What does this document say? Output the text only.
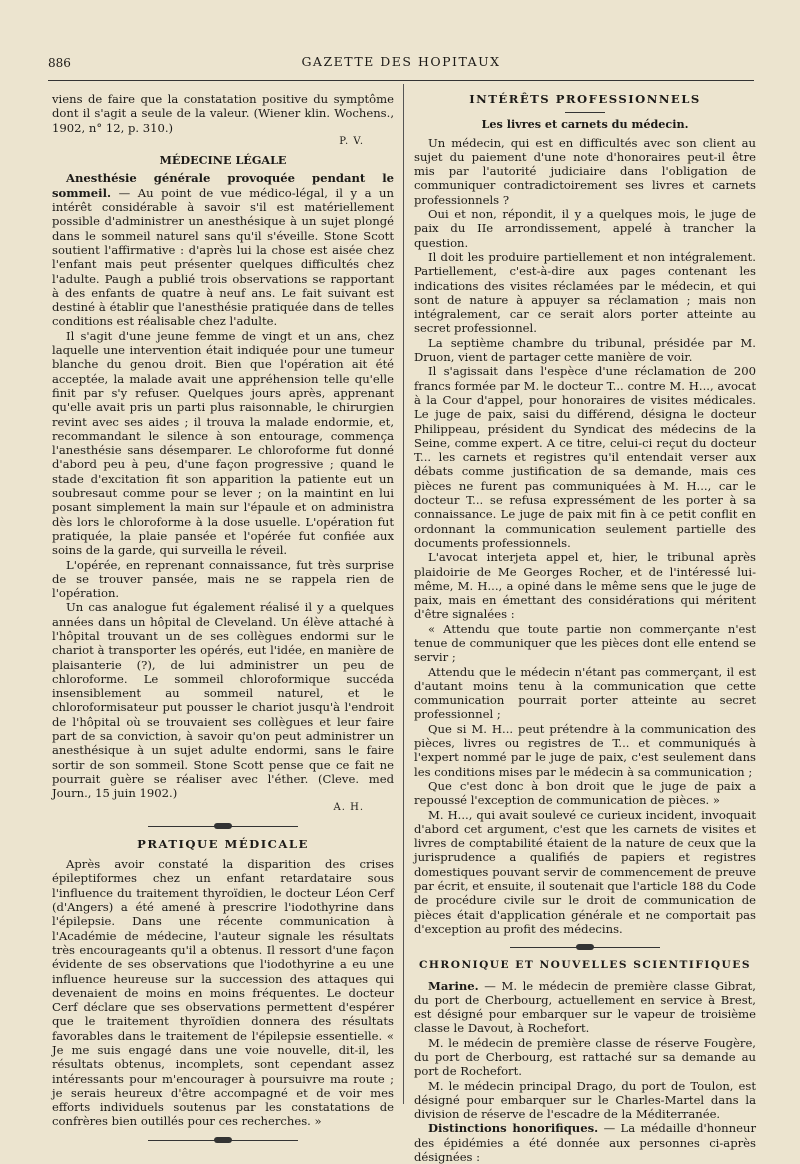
886	GAZETTE DES HOPITAUX

viens de faire que la constatation positive du symptôme dont il s'agit a seule de la valeur. (Wiener klin. Wochens., 1902, n° 12, p. 310.)

P. V.
MÉDECINE LÉGALE

Anesthésie générale provoquée pendant le sommeil. — Au point de vue médico-légal, il y a un intérêt considérable à savoir s'il est matériellement possible d'administrer un anesthésique à un sujet plongé dans le sommeil naturel sans qu'il s'éveille. Stone Scott soutient l'affirmative : d'après lui la chose est aisée chez l'enfant mais peut présenter quelques difficultés chez l'adulte. Paugh a publié trois observations se rapportant à des enfants de quatre à neuf ans. Le fait suivant est destiné à établir que l'anesthésie pratiquée dans de telles conditions est réalisable chez l'adulte.

Il s'agit d'une jeune femme de vingt et un ans, chez laquelle une intervention était indiquée pour une tumeur blanche du genou droit. Bien que l'opération ait été acceptée, la malade avait une appréhension telle qu'elle finit par s'y refuser. Quelques jours après, apprenant qu'elle avait pris un parti plus raisonnable, le chirurgien revint avec ses aides ; il trouva la malade endormie, et, recommandant le silence à son entourage, commença l'anesthésie sans désemparer. Le chloroforme fut donné d'abord peu à peu, d'une façon progressive ; quand le stade d'excitation fit son apparition la patiente eut un soubresaut comme pour se lever ; on la maintint en lui posant simplement la main sur l'épaule et on administra dès lors le chloroforme à la dose usuelle. L'opération fut pratiquée, la plaie pansée et l'opérée fut confiée aux soins de la garde, qui surveilla le réveil.

L'opérée, en reprenant connaissance, fut très surprise de se trouver pansée, mais ne se rappela rien de l'opération.

Un cas analogue fut également réalisé il y a quelques années dans un hôpital de Cleveland. Un élève attaché à l'hôpital trouvant un de ses collègues endormi sur le chariot à transporter les opérés, eut l'idée, en manière de plaisanterie (?), de lui administrer un peu de chloroforme. Le sommeil chloroformique succéda insensiblement au sommeil naturel, et le chloroformisateur put pousser le chariot jusqu'à l'endroit de l'hôpital où se trouvaient ses collègues et leur faire part de sa conviction, à savoir qu'on peut administrer un anesthésique à un sujet adulte endormi, sans le faire sortir de son sommeil. Stone Scott pense que ce fait ne pourrait guère se réaliser avec l'éther. (Cleve. med Journ., 15 juin 1902.)

A. H.
PRATIQUE MÉDICALE

Après avoir constaté la disparition des crises épileptiformes chez un enfant retardataire sous l'influence du traitement thyroïdien, le docteur Léon Cerf (d'Angers) a été amené à prescrire l'iodothyrine dans l'épilepsie. Dans une récente communication à l'Académie de médecine, l'auteur signale les résultats très encourageants qu'il a obtenus. Il ressort d'une façon évidente de ses observations que l'iodothyrine a eu une influence heureuse sur la succession des attaques qui devenaient de moins en moins fréquentes. Le docteur Cerf déclare que ses observations permettent d'espérer que le traitement thyroïdien donnera des résultats favorables dans le traitement de l'épilepsie essentielle. « Je me suis engagé dans une voie nouvelle, dit-il, les résultats obtenus, incomplets, sont cependant assez intéressants pour m'encourager à poursuivre ma route ; je serais heureux d'être accompagné et de voir mes efforts individuels soutenus par les constatations de confrères bien outillés pour ces recherches. »

INTÉRÊTS PROFESSIONNELS
Les livres et carnets du médecin.

Un médecin, qui est en difficultés avec son client au sujet du paiement d'une note d'honoraires peut-il être mis par l'autorité judiciaire dans l'obligation de communiquer contradictoirement ses livres et carnets professionnels ?

Oui et non, répondit, il y a quelques mois, le juge de paix du IIe arrondissement, appelé à trancher la question.

Il doit les produire partiellement et non intégralement. Partiellement, c'est-à-dire aux pages contenant les indications des visites réclamées par le médecin, et qui sont de nature à appuyer sa réclamation ; mais non intégralement, car ce serait alors porter atteinte au secret professionnel.

La septième chambre du tribunal, présidée par M. Druon, vient de partager cette manière de voir.

Il s'agissait dans l'espèce d'une réclamation de 200 francs formée par M. le docteur T... contre M. H..., avocat à la Cour d'appel, pour honoraires de visites médicales. Le juge de paix, saisi du différend, désigna le docteur Philippeau, président du Syndicat des médecins de la Seine, comme expert. A ce titre, celui-ci reçut du docteur T... les carnets et registres qu'il entendait verser aux débats comme justification de sa demande, mais ces pièces ne furent pas communiquées à M. H..., car le docteur T... se refusa expressément de les porter à sa connaissance. Le juge de paix mit fin à ce petit conflit en ordonnant la communication seulement partielle des documents professionnels.

L'avocat interjeta appel et, hier, le tribunal après plaidoirie de Me Georges Rocher, et de l'intéressé lui-même, M. H..., a opiné dans le même sens que le juge de paix, mais en émettant des considérations qui méritent d'être signalées :

« Attendu que toute partie non commerçante n'est tenue de communiquer que les pièces dont elle entend se servir ;

Attendu que le médecin n'étant pas commerçant, il est d'autant moins tenu à la communication que cette communication pourrait porter atteinte au secret professionnel ;

Que si M. H... peut prétendre à la communication des pièces, livres ou registres de T... et communiqués à l'expert nommé par le juge de paix, c'est seulement dans les conditions mises par le médecin à sa communication ;

Que c'est donc à bon droit que le juge de paix a repoussé l'exception de communication de pièces. »

M. H..., qui avait soulevé ce curieux incident, invoquait d'abord cet argument, c'est que les carnets de visites et livres de comptabilité étaient de la nature de ceux que la jurisprudence a qualifiés de papiers et registres domestiques pouvant servir de commencement de preuve par écrit, et ensuite, il soutenait que l'article 188 du Code de procédure civile sur le droit de communication de pièces était d'application générale et ne comportait pas d'exception au profit des médecins.

CHRONIQUE ET NOUVELLES SCIENTIFIQUES

Marine. — M. le médecin de première classe Gibrat, du port de Cherbourg, actuellement en service à Brest, est désigné pour embarquer sur le vapeur de troisième classe le Davout, à Rochefort.

M. le médecin de première classe de réserve Fougère, du port de Cherbourg, est rattaché sur sa demande au port de Rochefort.

M. le médecin principal Drago, du port de Toulon, est désigné pour embarquer sur le Charles-Martel dans la division de réserve de l'escadre de la Méditerranée.

Distinctions honorifiques. — La médaille d'honneur des épidémies a été donnée aux personnes ci-après désignées :
